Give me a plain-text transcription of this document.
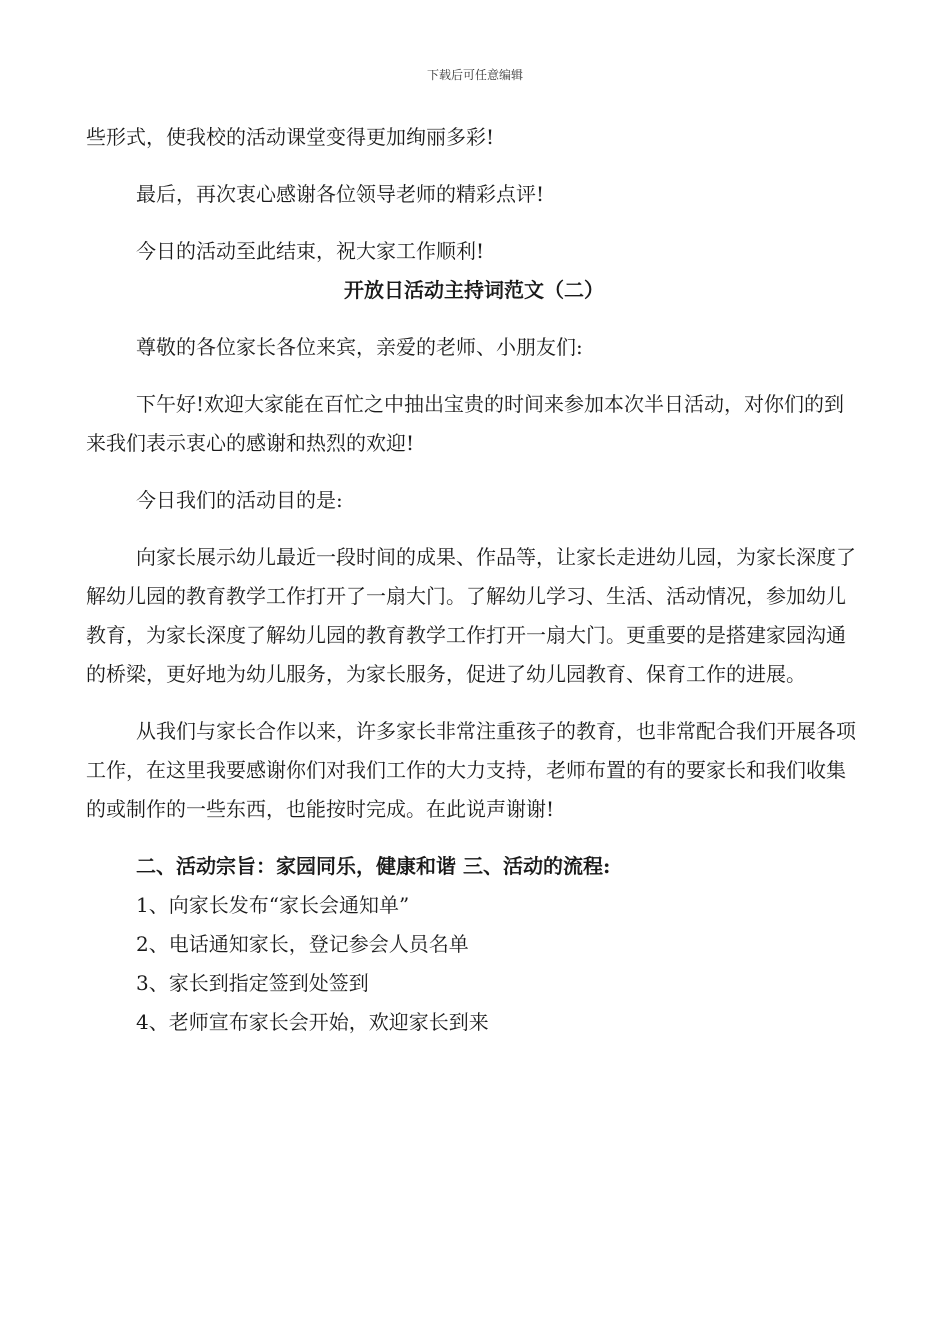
下载后可任意编辑

些形式，使我校的活动课堂变得更加绚丽多彩!

最后，再次衷心感谢各位领导老师的精彩点评!

今日的活动至此结束，祝大家工作顺利!

开放日活动主持词范文（二）

尊敬的各位家长各位来宾，亲爱的老师、小朋友们:

下午好!欢迎大家能在百忙之中抽出宝贵的时间来参加本次半日活动，对你们的到来我们表示衷心的感谢和热烈的欢迎!

今日我们的活动目的是:

向家长展示幼儿最近一段时间的成果、作品等，让家长走进幼儿园，为家长深度了解幼儿园的教育教学工作打开了一扇大门。了解幼儿学习、生活、活动情况，参加幼儿教育，为家长深度了解幼儿园的教育教学工作打开一扇大门。更重要的是搭建家园沟通的桥梁，更好地为幼儿服务，为家长服务，促进了幼儿园教育、保育工作的进展。

从我们与家长合作以来，许多家长非常注重孩子的教育，也非常配合我们开展各项工作，在这里我要感谢你们对我们工作的大力支持，老师布置的有的要家长和我们收集的或制作的一些东西，也能按时完成。在此说声谢谢!

二、活动宗旨：家园同乐，健康和谐 三、活动的流程:

1、向家长发布“家长会通知单”

2、电话通知家长，登记参会人员名单

3、家长到指定签到处签到

4、老师宣布家长会开始，欢迎家长到来
